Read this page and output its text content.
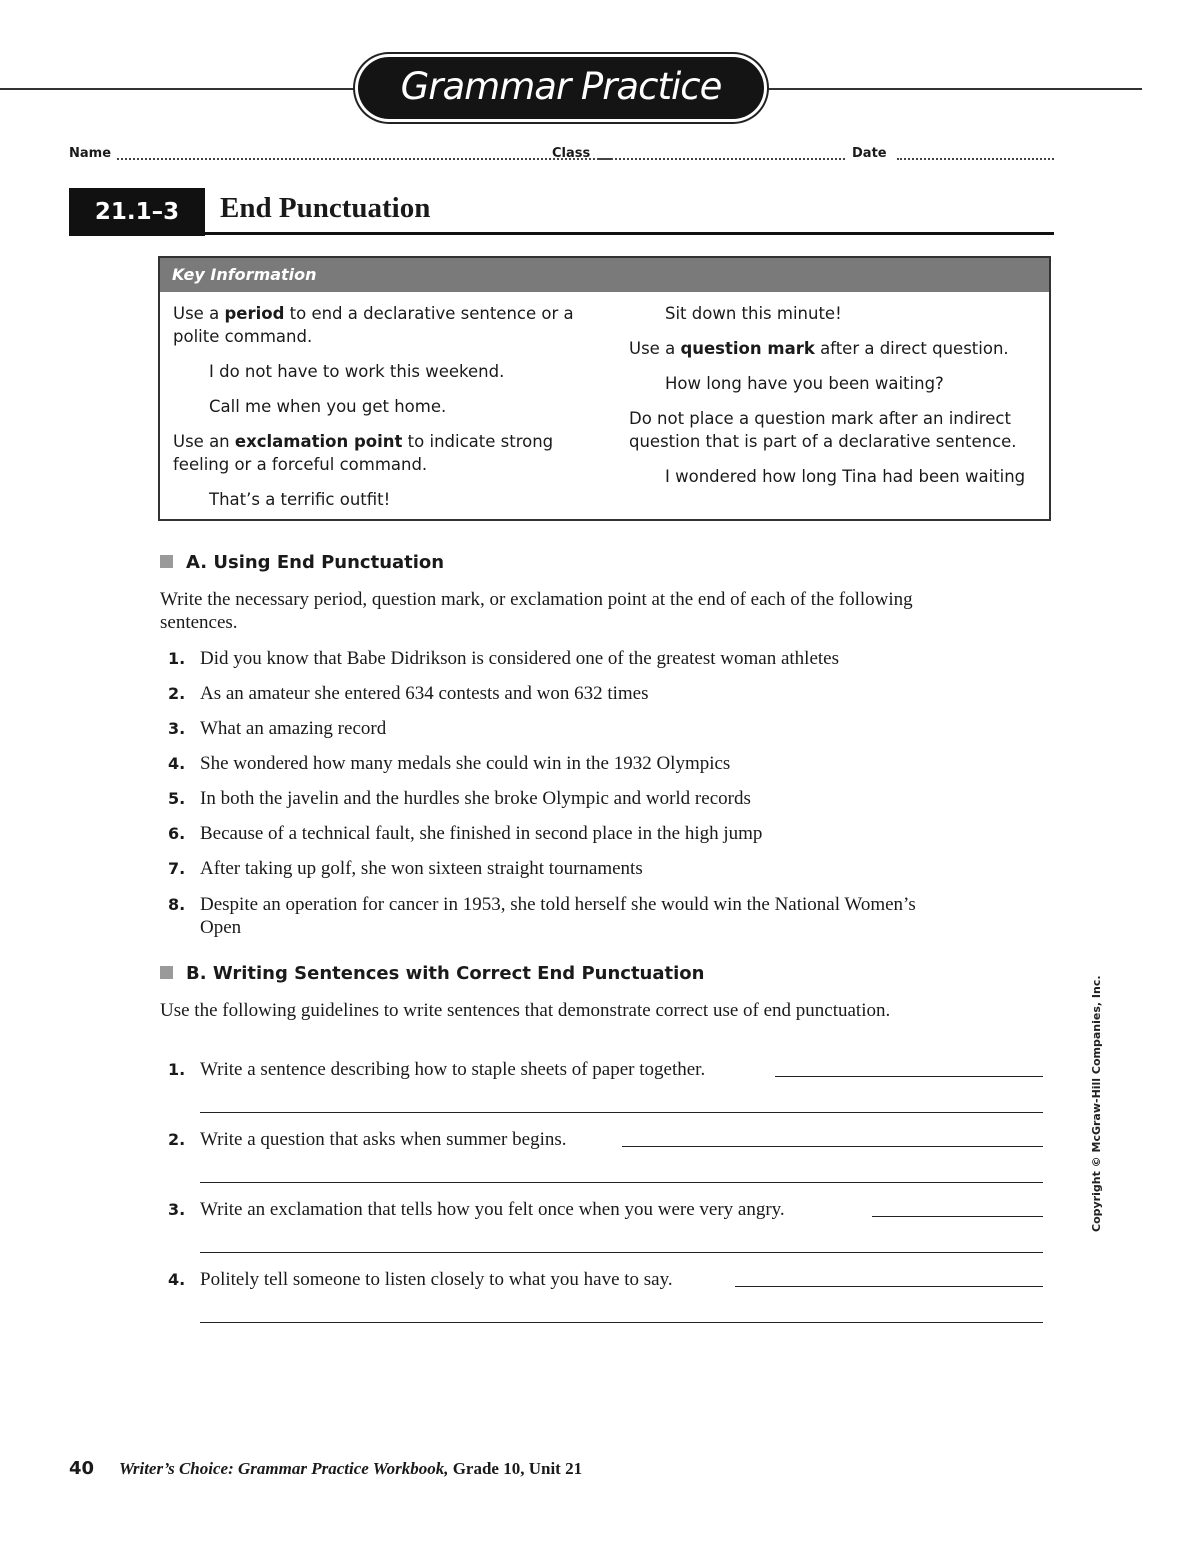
Grammar Practice
Name	Class	Date
21.1–3	End Punctuation
Key Information

Use a period to end a declarative sentence or a polite command.

I do not have to work this weekend.

Call me when you get home.

Use an exclamation point to indicate strong feeling or a forceful command.

That’s a terrific outfit!

Sit down this minute!

Use a question mark after a direct question.

How long have you been waiting?

Do not place a question mark after an indirect question that is part of a declarative sentence.

I wondered how long Tina had been waiting

A. Using End Punctuation
Write the necessary period, question mark, or exclamation point at the end of each of the following sentences.
1. Did you know that Babe Didrikson is considered one of the greatest woman athletes
2. As an amateur she entered 634 contests and won 632 times
3. What an amazing record
4. She wondered how many medals she could win in the 1932 Olympics
5. In both the javelin and the hurdles she broke Olympic and world records
6. Because of a technical fault, she finished in second place in the high jump
7. After taking up golf, she won sixteen straight tournaments
8. Despite an operation for cancer in 1953, she told herself she would win the National Women’s Open
B. Writing Sentences with Correct End Punctuation
Use the following guidelines to write sentences that demonstrate correct use of end punctuation.
1. Write a sentence describing how to staple sheets of paper together.
2. Write a question that asks when summer begins.
3. Write an exclamation that tells how you felt once when you were very angry.
4. Politely tell someone to listen closely to what you have to say.
Copyright © McGraw-Hill Companies, Inc.
40 Writer’s Choice: Grammar Practice Workbook, Grade 10, Unit 21
